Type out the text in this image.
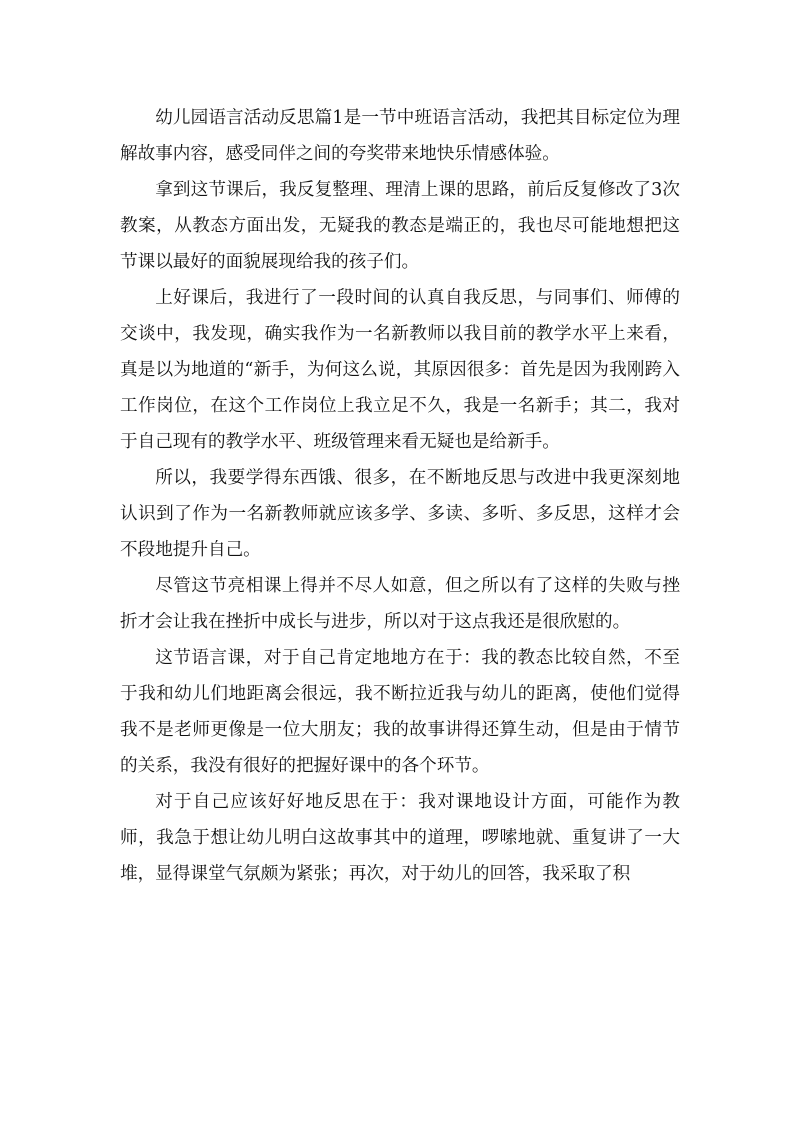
幼儿园语言活动反思篇1是一节中班语言活动，我把其目标定位为理解故事内容，感受同伴之间的夸奖带来地快乐情感体验。

拿到这节课后，我反复整理、理清上课的思路，前后反复修改了3次教案，从教态方面出发，无疑我的教态是端正的，我也尽可能地想把这节课以最好的面貌展现给我的孩子们。

上好课后，我进行了一段时间的认真自我反思，与同事们、师傅的交谈中，我发现，确实我作为一名新教师以我目前的教学水平上来看，真是以为地道的“新手，为何这么说，其原因很多：首先是因为我刚跨入工作岗位，在这个工作岗位上我立足不久，我是一名新手；其二，我对于自己现有的教学水平、班级管理来看无疑也是给新手。

所以，我要学得东西饿、很多，在不断地反思与改进中我更深刻地认识到了作为一名新教师就应该多学、多读、多听、多反思，这样才会不段地提升自己。

尽管这节亮相课上得并不尽人如意，但之所以有了这样的失败与挫折才会让我在挫折中成长与进步，所以对于这点我还是很欣慰的。

这节语言课，对于自己肯定地地方在于：我的教态比较自然，不至于我和幼儿们地距离会很远，我不断拉近我与幼儿的距离，使他们觉得我不是老师更像是一位大朋友；我的故事讲得还算生动，但是由于情节的关系，我没有很好的把握好课中的各个环节。

对于自己应该好好地反思在于：我对课地设计方面，可能作为教师，我急于想让幼儿明白这故事其中的道理，啰嗦地就、重复讲了一大堆，显得课堂气氛颇为紧张；再次，对于幼儿的回答，我采取了积
